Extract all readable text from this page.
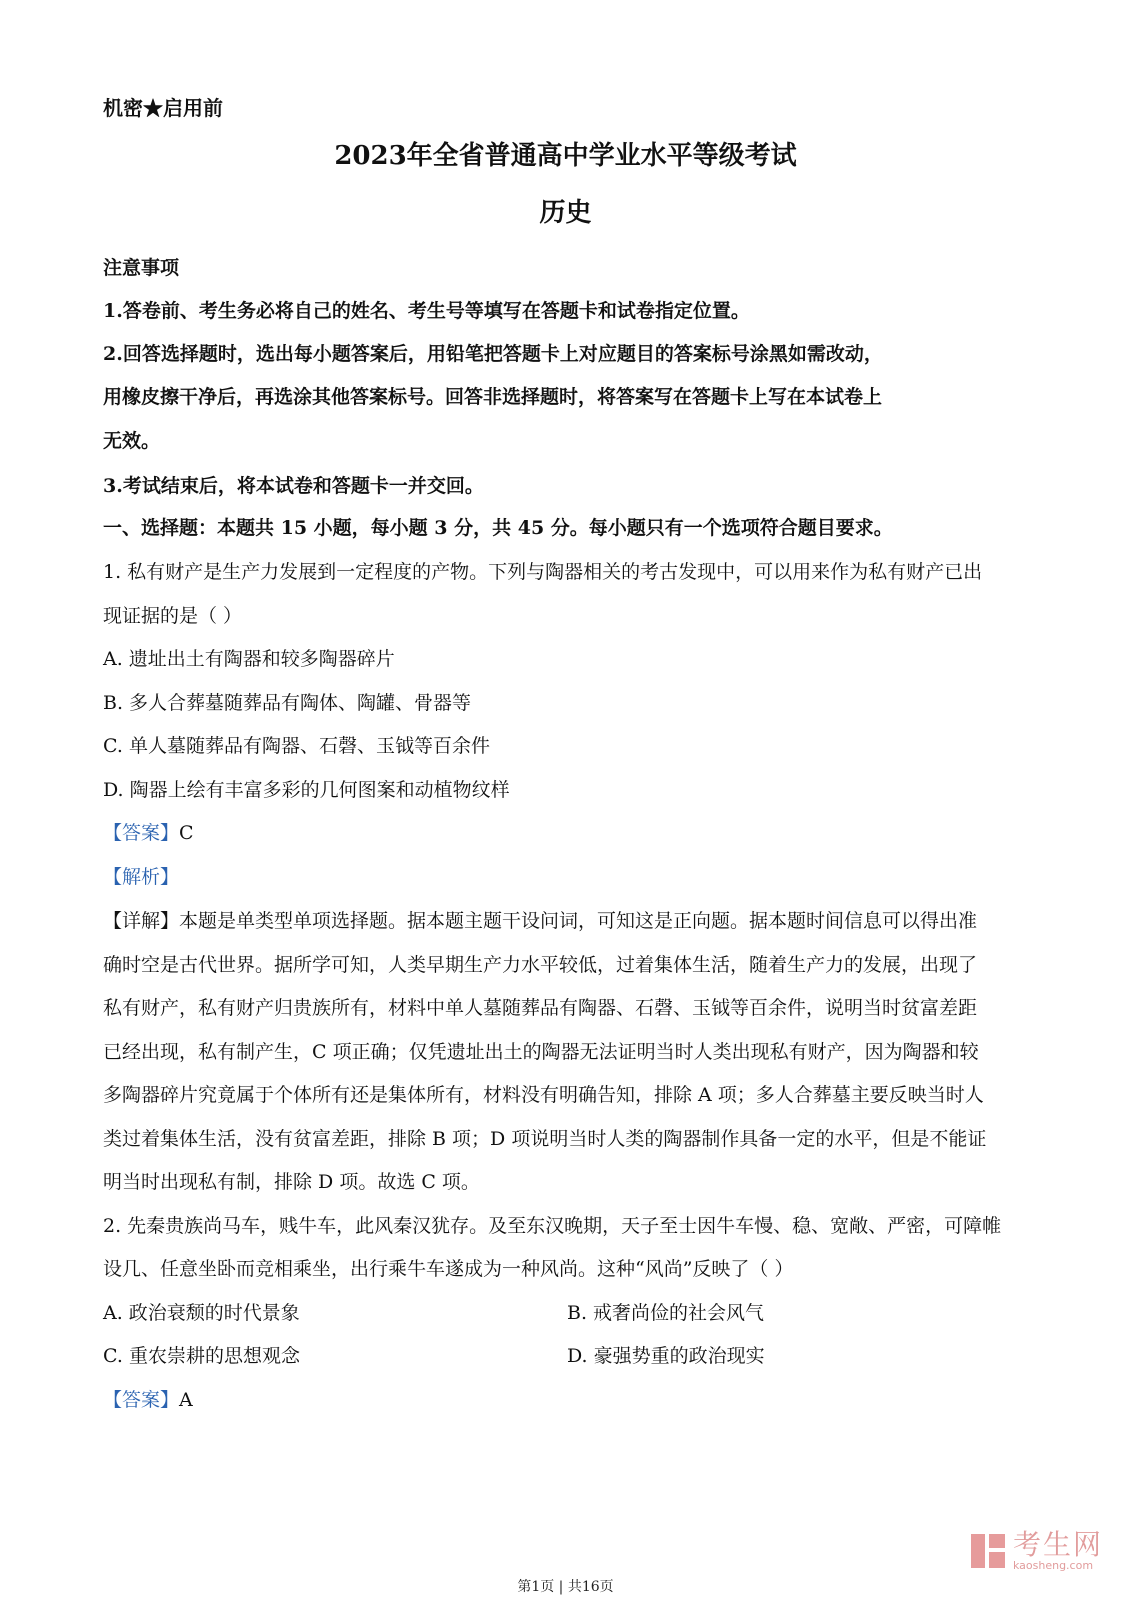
机密★启用前
2023年全省普通高中学业水平等级考试
历史
注意事项
1.答卷前、考生务必将自己的姓名、考生号等填写在答题卡和试卷指定位置。
2.回答选择题时，选出每小题答案后，用铅笔把答题卡上对应题目的答案标号涂黑如需改动，
用橡皮擦干净后，再选涂其他答案标号。回答非选择题时，将答案写在答题卡上写在本试卷上
无效。
3.考试结束后，将本试卷和答题卡一并交回。
一、选择题：本题共 15 小题，每小题 3 分，共 45 分。每小题只有一个选项符合题目要求。
1. 私有财产是生产力发展到一定程度的产物。下列与陶器相关的考古发现中，可以用来作为私有财产已出
现证据的是（ ）
A. 遗址出土有陶器和较多陶器碎片
B. 多人合葬墓随葬品有陶体、陶罐、骨器等
C. 单人墓随葬品有陶器、石磬、玉钺等百余件
D. 陶器上绘有丰富多彩的几何图案和动植物纹样
【答案】C
【解析】
【详解】本题是单类型单项选择题。据本题主题干设问词，可知这是正向题。据本题时间信息可以得出准
确时空是古代世界。据所学可知，人类早期生产力水平较低，过着集体生活，随着生产力的发展，出现了
私有财产，私有财产归贵族所有，材料中单人墓随葬品有陶器、石磬、玉钺等百余件，说明当时贫富差距
已经出现，私有制产生，C 项正确；仅凭遗址出土的陶器无法证明当时人类出现私有财产，因为陶器和较
多陶器碎片究竟属于个体所有还是集体所有，材料没有明确告知，排除 A 项；多人合葬墓主要反映当时人
类过着集体生活，没有贫富差距，排除 B 项；D 项说明当时人类的陶器制作具备一定的水平，但是不能证
明当时出现私有制，排除 D 项。故选 C 项。
2. 先秦贵族尚马车，贱牛车，此风秦汉犹存。及至东汉晚期，天子至士因牛车慢、稳、宽敞、严密，可障帷
设几、任意坐卧而竞相乘坐，出行乘牛车遂成为一种风尚。这种“风尚”反映了（ ）
A. 政治衰颓的时代景象	B. 戒奢尚俭的社会风气
C. 重农崇耕的思想观念	D. 豪强势重的政治现实
【答案】A
考生网
kaosheng.com
第1页 | 共16页
